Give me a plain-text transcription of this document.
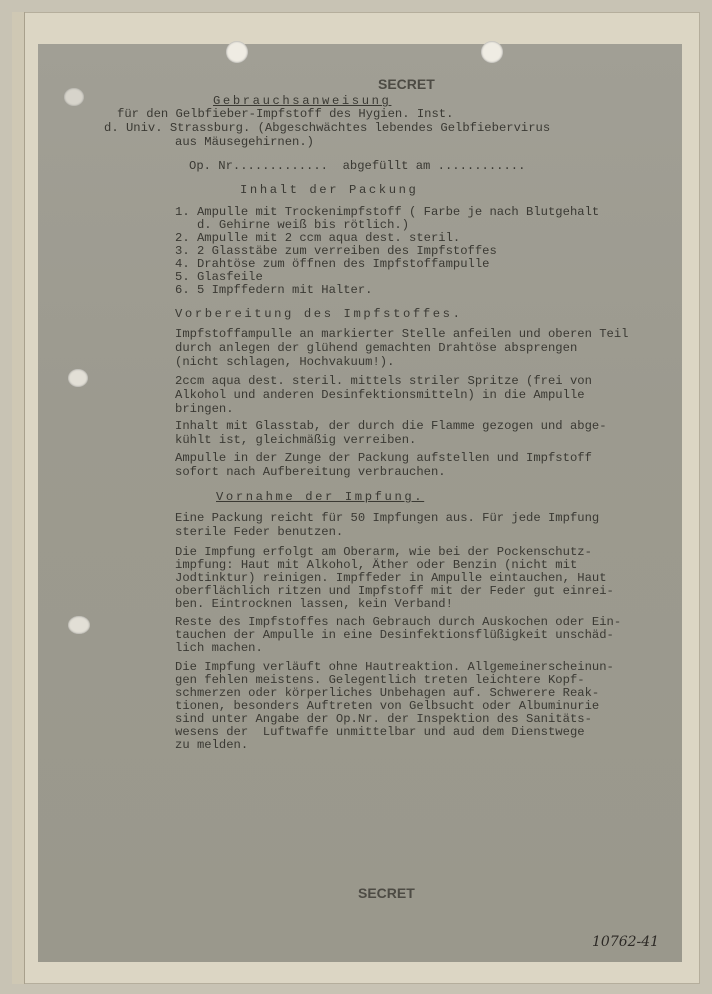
SECRET
Gebrauchsanweisung
für den Gelbfieber-Impfstoff des Hygien. Inst.
d. Univ. Strassburg. (Abgeschwächtes lebendes Gelbfiebervirus
aus Mäusegehirnen.)
Op. Nr.............  abgefüllt am ............
Inhalt der Packung
1. Ampulle mit Trockenimpfstoff ( Farbe je nach Blutgehalt
d. Gehirne weiß bis rötlich.)
2. Ampulle mit 2 ccm aqua dest. steril.
3. 2 Glasstäbe zum verreiben des Impfstoffes
4. Drahtöse zum öffnen des Impfstoffampulle
5. Glasfeile
6. 5 Impffedern mit Halter.
Vorbereitung des Impfstoffes.
Impfstoffampulle an markierter Stelle anfeilen und oberen Teil
durch anlegen der glühend gemachten Drahtöse absprengen
(nicht schlagen, Hochvakuum!).
2ccm aqua dest. steril. mittels striler Spritze (frei von
Alkohol und anderen Desinfektionsmitteln) in die Ampulle
bringen.
Inhalt mit Glasstab, der durch die Flamme gezogen und abge-
kühlt ist, gleichmäßig verreiben.
Ampulle in der Zunge der Packung aufstellen und Impfstoff
sofort nach Aufbereitung verbrauchen.
Vornahme der Impfung.
Eine Packung reicht für 50 Impfungen aus. Für jede Impfung
sterile Feder benutzen.
Die Impfung erfolgt am Oberarm, wie bei der Pockenschutz-
impfung: Haut mit Alkohol, Äther oder Benzin (nicht mit
Jodtinktur) reinigen. Impffeder in Ampulle eintauchen, Haut
oberflächlich ritzen und Impfstoff mit der Feder gut einrei-
ben. Eintrocknen lassen, kein Verband!
Reste des Impfstoffes nach Gebrauch durch Auskochen oder Ein-
tauchen der Ampulle in eine Desinfektionsflüßigkeit unschäd-
lich machen.
Die Impfung verläuft ohne Hautreaktion. Allgemeinerscheinun-
gen fehlen meistens. Gelegentlich treten leichtere Kopf-
schmerzen oder körperliches Unbehagen auf. Schwerere Reak-
tionen, besonders Auftreten von Gelbsucht oder Albuminurie
sind unter Angabe der Op.Nr. der Inspektion des Sanitäts-
wesens der  Luftwaffe unmittelbar und aud dem Dienstwege
zu melden.
SECRET
10762-41
